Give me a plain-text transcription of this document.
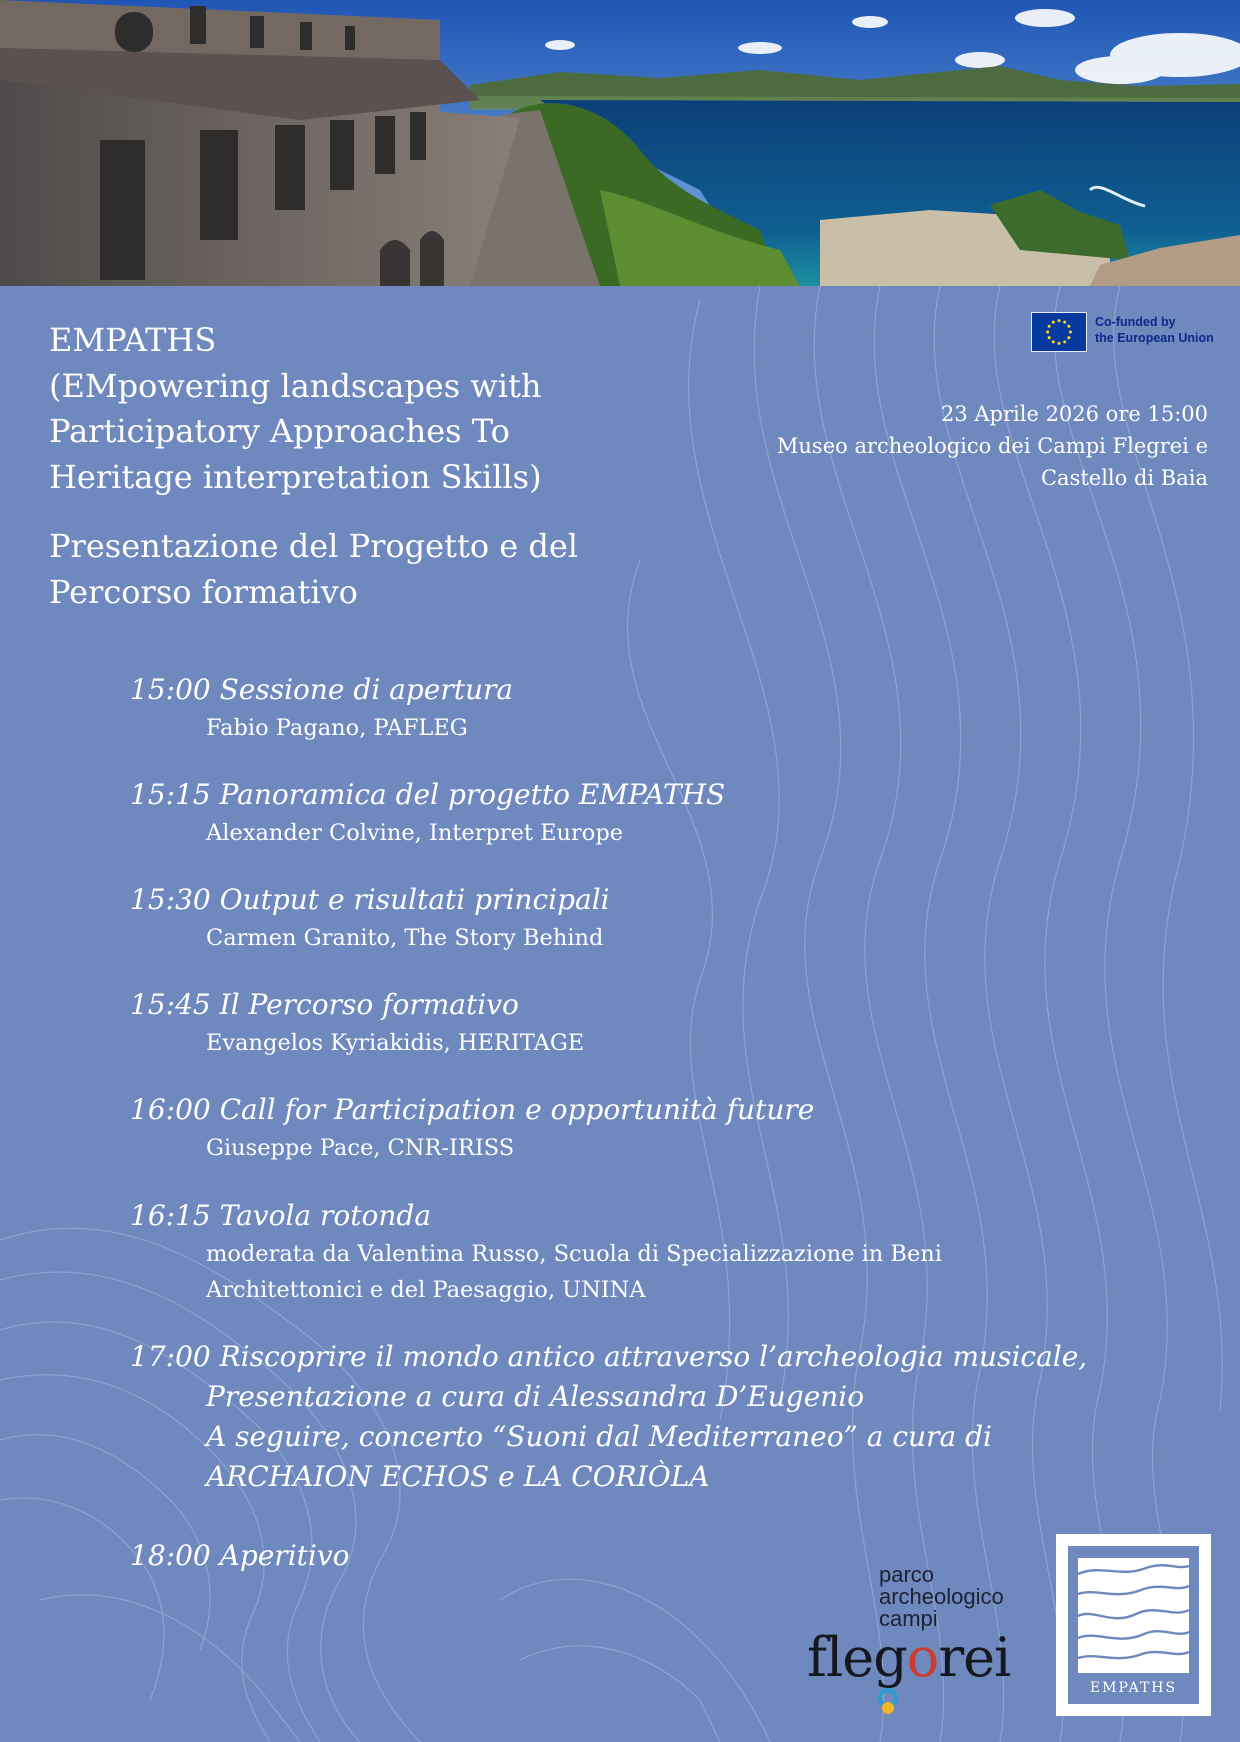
EMPATHS
(EMpowering landscapes with
Participatory Approaches To
Heritage interpretation Skills)
Presentazione del Progetto e del
Percorso formativo
Co-funded by
the European Union
23 Aprile 2026 ore 15:00
Museo archeologico dei Campi Flegrei e
Castello di Baia
15:00 Sessione di apertura
Fabio Pagano, PAFLEG
15:15 Panoramica del progetto EMPATHS
Alexander Colvine, Interpret Europe
15:30 Output e risultati principali
Carmen Granito, The Story Behind
15:45 Il Percorso formativo
Evangelos Kyriakidis, HERITAGE
16:00 Call for Participation e opportunità future
Giuseppe Pace, CNR-IRISS
16:15 Tavola rotonda
moderata da Valentina Russo, Scuola di Specializzazione in Beni
Architettonici e del Paesaggio, UNINA
17:00 Riscoprire il mondo antico attraverso l’archeologia musicale,
Presentazione a cura di Alessandra D’Eugenio
A seguire, concerto “Suoni dal Mediterraneo” a cura di
ARCHAION ECHOS e LA CORIÒLA
18:00 Aperitivo
parco
archeologico
campi
flegorei	EMPATHS
